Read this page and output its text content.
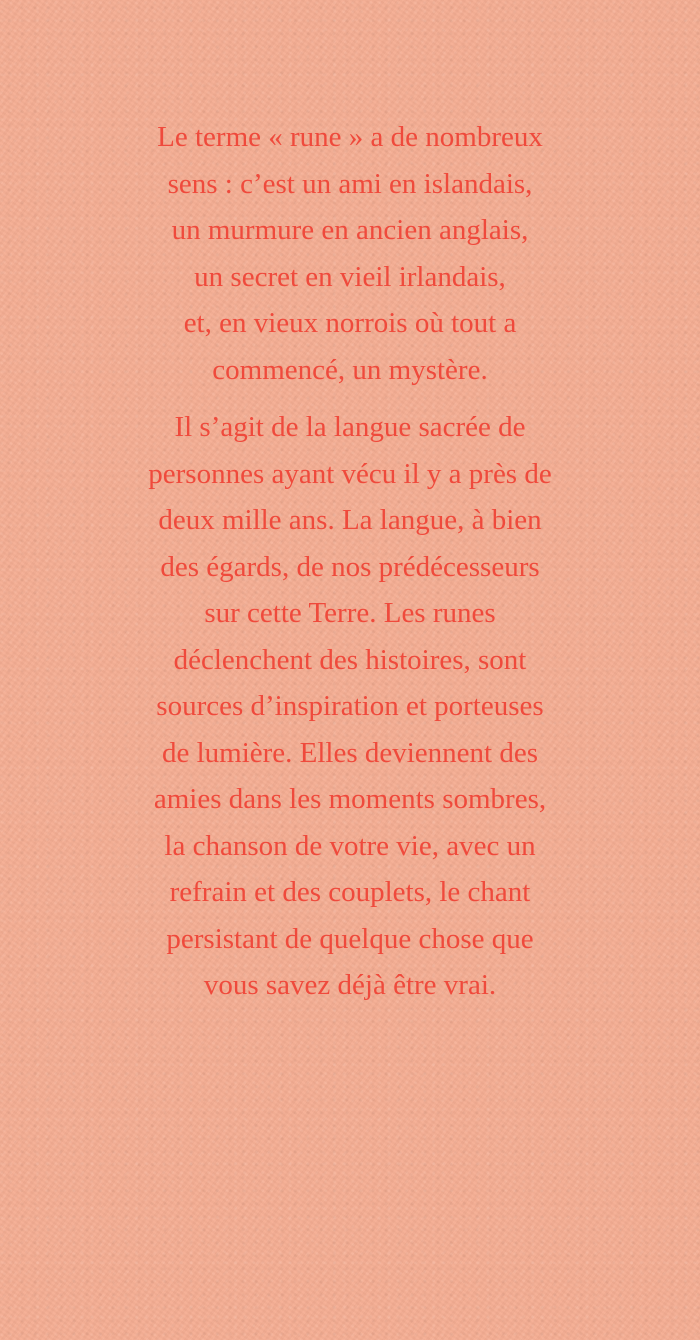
Le terme « rune » a de nombreux
sens : c’est un ami en islandais,
un murmure en ancien anglais,
un secret en vieil irlandais,
et, en vieux norrois où tout a
commencé, un mystère.

Il s’agit de la langue sacrée de
personnes ayant vécu il y a près de
deux mille ans. La langue, à bien
des égards, de nos prédécesseurs
sur cette Terre. Les runes
déclenchent des histoires, sont
sources d’inspiration et porteuses
de lumière. Elles deviennent des
amies dans les moments sombres,
la chanson de votre vie, avec un
refrain et des couplets, le chant
persistant de quelque chose que
vous savez déjà être vrai.
